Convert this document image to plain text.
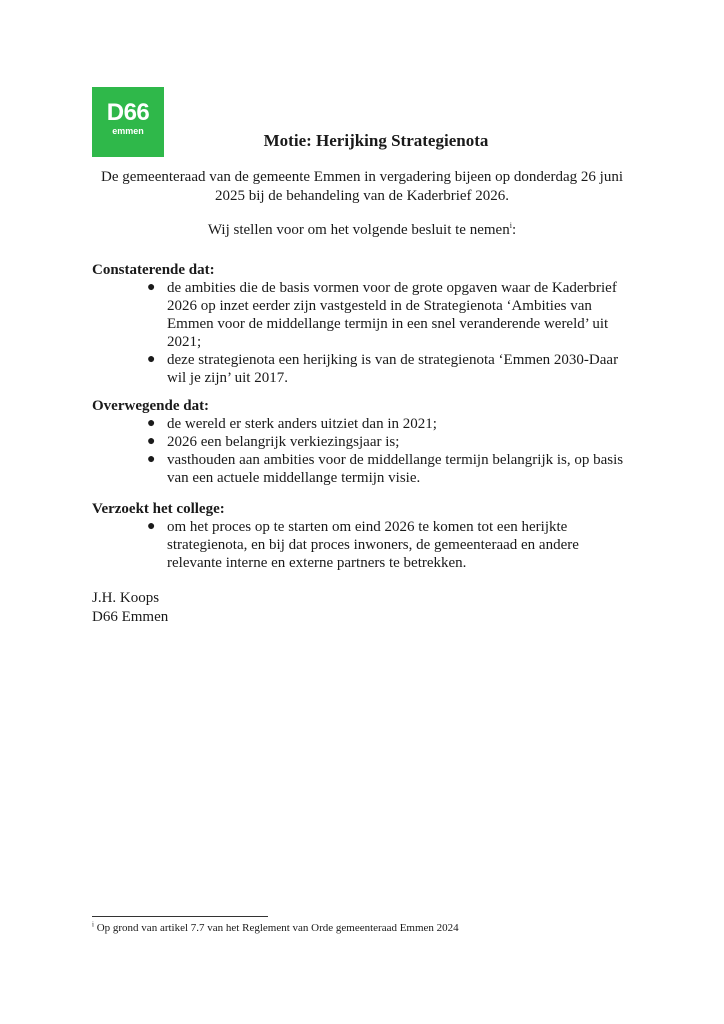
D66
emmen	Motie: Herijking Strategienota

De gemeenteraad van de gemeente Emmen in vergadering bijeen op donderdag 26 juni 2025 bij de behandeling van de Kaderbrief 2026.

Wij stellen voor om het volgende besluit te nemen$^i$:

Constaterende dat:
● de ambities die de basis vormen voor de grote opgaven waar de Kaderbrief 2026 op inzet eerder zijn vastgesteld in de Strategienota ‘Ambities van Emmen voor de middellange termijn in een snel veranderende wereld’ uit 2021;
● deze strategienota een herijking is van de strategienota ‘Emmen 2030-Daar wil je zijn’ uit 2017.
Overwegende dat:
● de wereld er sterk anders uitziet dan in 2021;
● 2026 een belangrijk verkiezingsjaar is;
● vasthouden aan ambities voor de middellange termijn belangrijk is, op basis van een actuele middellange termijn visie.
Verzoekt het college:
● om het proces op te starten om eind 2026 te komen tot een herijkte strategienota, en bij dat proces inwoners, de gemeenteraad en andere relevante interne en externe partners te betrekken.
J.H. Koops
D66 Emmen
$^i$ Op grond van artikel 7.7 van het Reglement van Orde gemeenteraad Emmen 2024
